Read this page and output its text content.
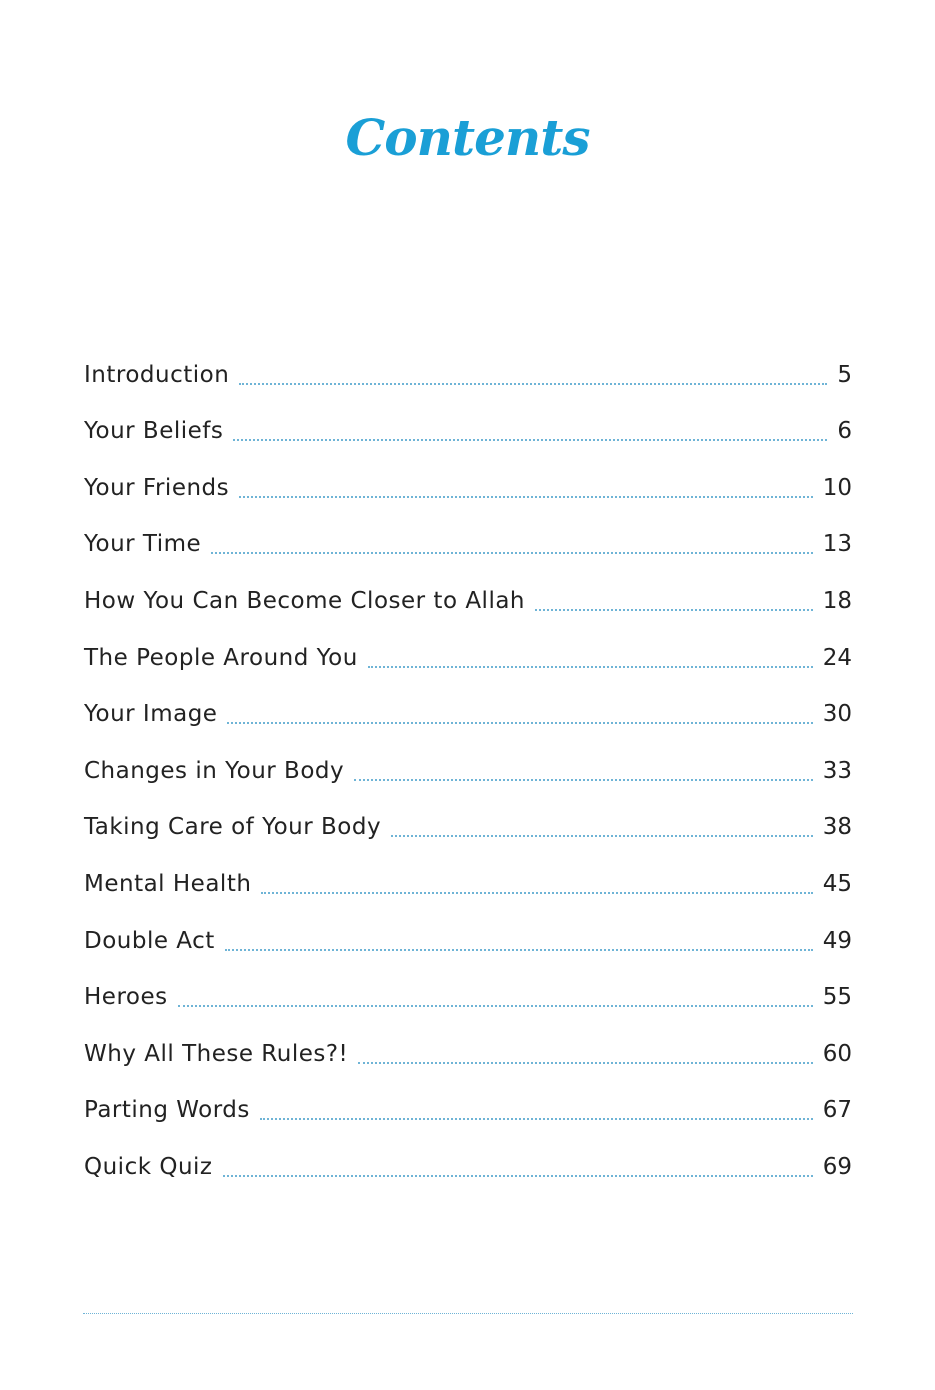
Contents
Introduction	5
Your Beliefs	6
Your Friends	10
Your Time	13
How You Can Become Closer to Allah	18
The People Around You	24
Your Image	30
Changes in Your Body	33
Taking Care of Your Body	38
Mental Health	45
Double Act	49
Heroes	55
Why All These Rules?!	60
Parting Words	67
Quick Quiz	69
